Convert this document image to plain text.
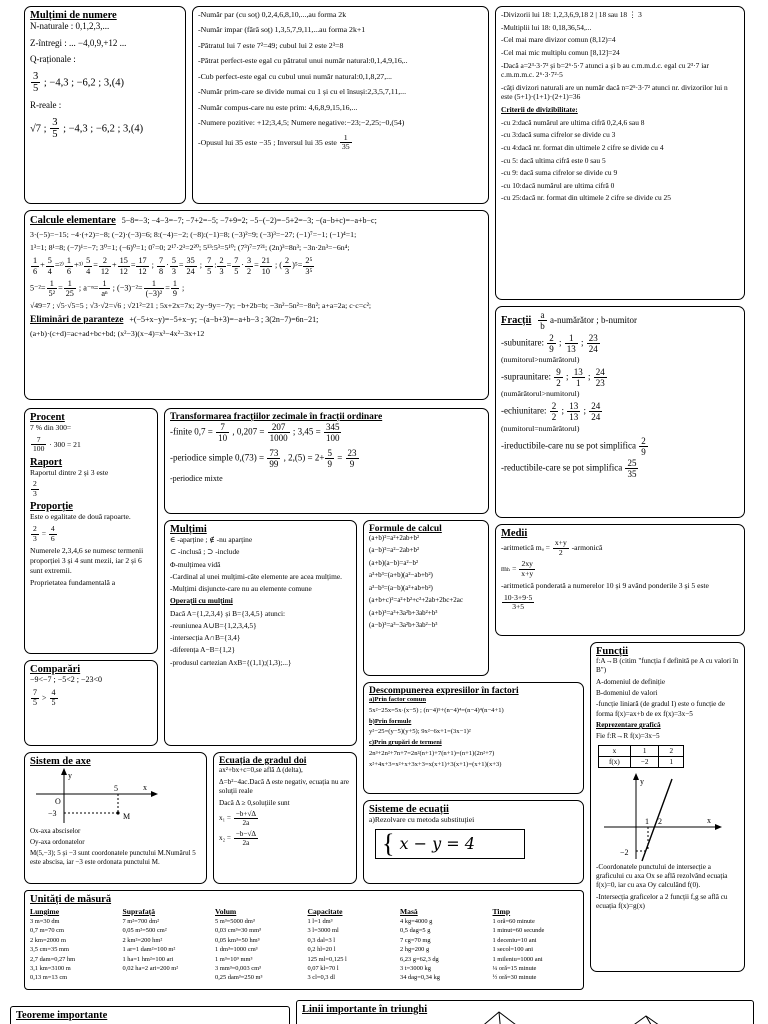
Mulțimi de numere
N-naturale : 0,1,2,3,...
Z-întregi : ... −4,0,9,+12 ...
Q-raționale :
$\frac{3}{5}$ ; −4,3 ; −6,2 ; 3,(4)
R-reale :
√7 ; $\frac{3}{5}$ ; −4,3 ; −6,2 ; 3,(4)
-Număr par (cu soț) 0,2,4,6,8,10,...,au forma 2k
-Număr impar (fără soț) 1,3,5,7,9,11,...au forma 2k+1
-Pătratul lui 7 este 7²=49; cubul lui 2 este 2³=8
-Pătrat perfect-este egal cu pătratul unui număr natural:0,1,4,9,16,..
-Cub perfect-este egal cu cubul unui număr natural:0,1,8,27,...
-Număr prim-care se divide numai cu 1 și cu el însuși:2,3,5,7,11,...
-Număr compus-care nu este prim: 4,6,8,9,15,16,...
-Numere pozitive: +12;3,4,5; Numere negative:−23;−2,25;−0,(54)
-Opusul lui 35 este −35 ; Inversul lui 35 este $\frac{1}{35}$
-Divizorii lui 18: 1,2,3,6,9,18 2 | 18 sau 18 ⋮ 3
-Multiplii lui 18: 0,18,36,54,...
-Cel mai mare divizor comun (8,12)=4
-Cel mai mic multiplu comun [8,12]=24
-Dacă a=2³·3·7² și b=2⁶·5·7 atunci a și b au c.m.m.d.c. egal cu 2³·7 iar c.m.m.m.c. 2⁶·3·7²·5
-câți divizori naturali are un număr dacă n=2⁵·3·7² atunci nr. divizorilor lui n este (5+1)·(1+1)·(2+1)=36
Criterii de divizibilitate:
-cu 2:dacă numărul are ultima cifră 0,2,4,6 sau 8
-cu 3:dacă suma cifrelor se divide cu 3
-cu 4:dacă nr. format din ultimele 2 cifre se divide cu 4
-cu 5: dacă ultima cifră este 0 sau 5
-cu 9: dacă suma cifrelor se divide cu 9
-cu 10:dacă numărul are ultima cifră 0
-cu 25:dacă nr. format din ultimele 2 cifre se divide cu 25
Calcule elementare 5−8=−3; −4−3=−7; −7+2=−5; −7+9=2; −5−(−2)=−5+2=−3; −(a−b+c)=−a+b−c;
3·(−5)=−15; −4·(+2)=−8; (−2)·(−3)=6; 8:(−4)=−2; (−8):(−1)=8; (−3)²=9; (−3)³=−27; (−1)⁷=−1; (−1)⁴=1;
1³=1; 8¹=8; (−7)¹=−7; 3⁰=1; (−6)⁰=1; 0⁷=0; 2¹⁷·2³=2²⁰; 5¹³:5³=5¹⁰; (7³)⁷=7²¹; (2n)³=8n³; −3n·2n³=−6n⁴;
$\frac{1}{6} + \frac{5}{4} =^{2)} \frac{1}{6} +^{3)} \frac{5}{4} = \frac{2}{12} + \frac{15}{12} = \frac{17}{12}$ ; $\frac{7}{8} \cdot \frac{5}{3} = \frac{35}{24}$ ; $\frac{7}{5}$ : $\frac{2}{3} = \frac{7}{5} \cdot \frac{3}{2} = \frac{21}{10}$ ; ( $\frac{2}{3} )^5= \frac{\text{2⁵}}{\text{3⁵}}$
$5^{-2}= \frac{1}{\text{5²}} = \frac{1}{25}$ ; $a^{-n}= \frac{1}{\text{aⁿ}}$ ; $(-3)^{-2}= \frac{1}{\text{(−3)²}} = \frac{1}{9}$ ;
√49=7 ; √5·√5=5 ; √3·√2=√6 ; √21²=21 ; 5x+2x=7x; 2y−9y=−7y; −b+2b=b; −3n²−5n²=−8n²; a+a=2a; c·c=c²;
Eliminări de paranteze +(−5+x−y)=−5+x−y; −(a−b+3)=−a+b−3 ; 3(2n−7)=6n−21;
(a+b)·(c+d)=ac+ad+bc+bd; (x²−3)(x−4)=x³−4x²−3x+12
Fracții $\frac{a}{b}$ a-numărător ; b-numitor
-subunitare: $\frac{2}{9}$ ; $\frac{1}{13}$ ; $\frac{23}{24}$
(numitorul>numărătorul)
-supraunitare: $\frac{9}{2}$ ; $\frac{13}{1}$ ; $\frac{24}{23}$
(numărătorul>numitorul)
-echiunitare: $\frac{2}{2}$ ; $\frac{13}{13}$ ; $\frac{24}{24}$
(numitorul=numărătorul)
-ireductibile-care nu se pot simplifica $\frac{2}{9}$
-reductibile-care se pot simplifica $\frac{25}{35}$
Procent
7 % din 300=
$\frac{7}{100} \cdot 300 = 21$
Raport
Raportul dintre 2 și 3 este
$\frac{2}{3}$
Proporție
Este o egalitate de două rapoarte.
$\frac{2}{3} = \frac{4}{6}$
Numerele 2,3,4,6 se numesc termenii proporției 3 și 4 sunt mezii, iar 2 și 6 sunt extremii.
Proprietatea fundamentală a
Transformarea fracțiilor zecimale în fracții ordinare
-finite $0,7 = \frac{7}{10}$ , $0,207 = \frac{207}{1000}$ ; $3,45 = \frac{345}{100}$
-periodice simple $0,(73) = \frac{73}{99}$ , $2,(5) = 2+ \frac{5}{9} = \frac{23}{9}$
-periodice mixte
Mulțimi
∈ -aparține ; ∉ -nu aparține
⊂ -inclusă ; ⊃ -include
Φ-mulțimea vidă
-Cardinal al unei mulțimi-câte elemente are acea mulțime.
-Mulțimi disjuncte-care nu au elemente comune
Operații cu mulțimi
Dacă A={1,2,3,4} și B={3,4,5} atunci:
-reuniunea A∪B={1,2,3,4,5}
-intersecția A∩B={3,4}
-diferența A−B={1,2}
-produsul cartezian AxB={(1,1);(1,3);...}
Formule de calcul
(a+b)²=a²+2ab+b²
(a−b)²=a²−2ab+b²
(a+b)(a−b)=a²−b²
a³+b³=(a+b)(a²−ab+b²)
a³−b³=(a−b)(a²+ab+b²)
(a+b+c)²=a²+b²+c²+2ab+2bc+2ac
(a+b)³=a³+3a²b+3ab²+b³
(a−b)³=a³−3a²b+3ab²−b³
Medii
-aritmetică $m_a = \frac{x+y}{2}$ -armonică
$m_h = \frac{2xy}{x+y}$
-aritmetică ponderată a numerelor 10 și 9 având ponderile 3 și 5 este
$\frac{10\cdot 3+9\cdot 5}{3+5}$
Comparări
−9<−7 ; −5<2 ; −23<0
$\frac{7}{5} > \frac{4}{5}$	Descompunerea expresiilor în factori
a)Prin factor comun
5x²−25x=5x·(x−5) ; (n−4)⁵+(n−4)⁴=(n−4)⁴(n−4+1)
b)Prin formule
y²−25=(y−5)(y+5); 9x²−6x+1=(3x−1)²
c)Prin grupări de termeni
2n³+2n²+7n+7=2n²(n+1)+7(n+1)=(n+1)(2n²+7)
x²+4x+3=x²+x+3x+3=x(x+1)+3(x+1)=(x+1)(x+3)
Funcții
f:A→B (citim "funcția f definită pe A cu valori în B")
A-domeniul de definiție
B-domeniul de valori
-funcție liniară (de gradul I) este o funcție de forma f(x)=ax+b de ex f(x)=3x−5
Reprezentare grafică
Fie f:R→R f(x)=3x−5
x	1	2
f(x)	−2	1
y
x
1 2
−2
-Coordonatele punctului de intersecție a graficului cu axa Ox se află rezolvând ecuația f(x)=0, iar cu axa Oy calculând f(0).
-Intersecția graficelor a 2 funcții f,g se află cu ecuația f(x)=g(x)
Sistem de axe
y
x
O
5
−3	M
Ox-axa absciselor
Oy-axa ordonatelor
M(5,−3); 5 și −3 sunt coordonatele punctului M.Numărul 5 este abscisa, iar −3 este ordonata punctului M.
Ecuația de gradul doi
ax²+bx+c=0,se află Δ (delta),
Δ=b²−4ac.Dacă Δ este negativ, ecuația nu are soluții reale
Dacă Δ ≥ 0,soluțiile sunt
$x_1 = \frac{-b+√\Delta}{2a}$
$x_2 = \frac{-b-√\Delta}{2a}$
Sisteme de ecuații
a)Rezolvare cu metoda substituției
{ x − y = 4
Unități de măsură
Lungime
3 m=30 dm
0,7 m=70 cm
2 km=2000 m
3,5 cm=35 mm
2,7 dam=0,27 hm
3,1 km=3100 m
0,13 m=13 cm
Suprafață
7 m²=700 dm²
0,05 m²=500 cm²
2 km²=200 hm²
1 ar=1 dam²=100 m²
1 ha=1 hm²=100 ari
0,02 ha=2 ari=200 m²
Volum
5 m³=5000 dm³
0,03 cm³=30 mm³
0,05 km³=50 hm³
1 dm³=1000 cm³
1 m³=10⁹ mm³
3 mm³=0,003 cm³
0,25 dam³=250 m³
Capacitate
1 l=1 dm³
3 l=3000 ml
0,3 dal=3 l
0,2 hl=20 l
125 ml=0,125 l
0,07 kl=70 l
3 cl=0,3 dl
Masă
4 kg=4000 g
0,5 dag=5 g
7 cg=70 mg
2 hg=200 g
6,23 g=62,3 dg
3 t=3000 kg
34 dag=0,34 kg
Timp
1 oră=60 minute
1 minut=60 secunde
1 deceniu=10 ani
1 secol=100 ani
1 mileniu=1000 ani
¼ oră=15 minute
½ oră=30 minute
Teoreme importante
Linii importante în triunghi
